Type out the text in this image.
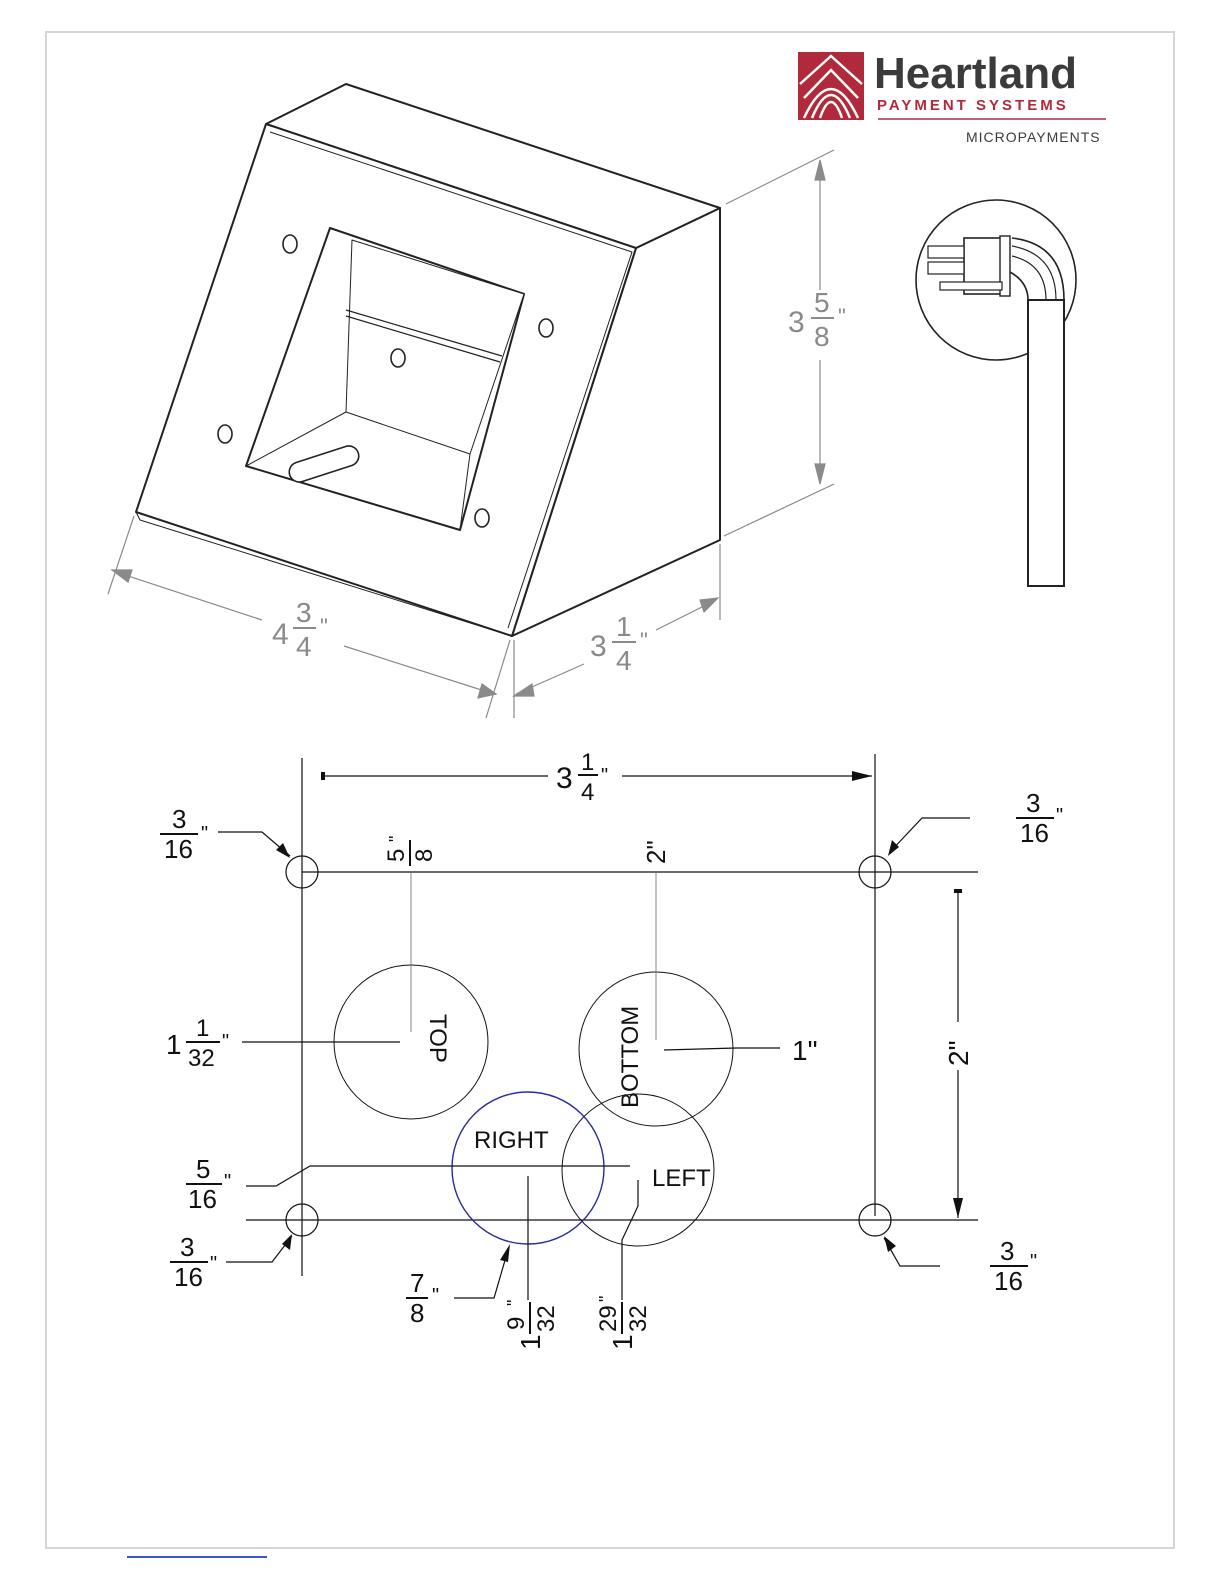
Heartland
PAYMENT SYSTEMS
MICROPAYMENTS
3
5
8
"
4
3
4
"
3
1
4
"
3 1
4
"
3
16 "
3
16
"
3
16 "	3
16
"
5
"
8	2"
2"
TOP	BOTTOM
RIGHT
LEFT
1
1
32
"	1"
5
16
"
7
8
"
1
9 32
"
1
29 32
"
